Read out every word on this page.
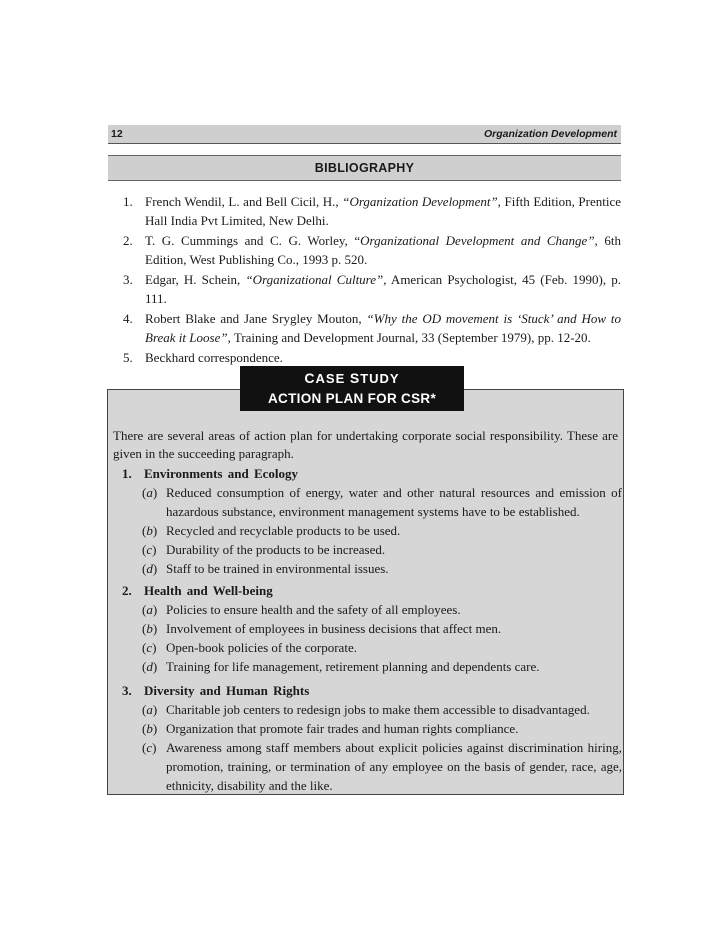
12	Organization Development
BIBLIOGRAPHY
1. French Wendil, L. and Bell Cicil, H., “Organization Development”, Fifth Edition, Prentice Hall India Pvt Limited, New Delhi.
2. T. G. Cummings and C. G. Worley, “Organizational Development and Change”, 6th Edition, West Publishing Co., 1993 p. 520.
3. Edgar, H. Schein, “Organizational Culture”, American Psychologist, 45 (Feb. 1990), p. 111.
4. Robert Blake and Jane Srygley Mouton, “Why the OD movement is ‘Stuck’ and How to Break it Loose”, Training and Development Journal, 33 (September 1979), pp. 12-20.
5. Beckhard correspondence.
CASE STUDY
ACTION PLAN FOR CSR*
There are several areas of action plan for undertaking corporate social responsibility. These are given in the succeeding paragraph.
1. Environments and Ecology
(a) Reduced consumption of energy, water and other natural resources and emission of hazardous substance, environment management systems have to be established.
(b) Recycled and recyclable products to be used.
(c) Durability of the products to be increased.
(d) Staff to be trained in environmental issues.
2. Health and Well-being
(a) Policies to ensure health and the safety of all employees.
(b) Involvement of employees in business decisions that affect men.
(c) Open-book policies of the corporate.
(d) Training for life management, retirement planning and dependents care.
3. Diversity and Human Rights
(a) Charitable job centers to redesign jobs to make them accessible to disadvantaged.
(b) Organization that promote fair trades and human rights compliance.
(c) Awareness among staff members about explicit policies against discrimination hiring, promotion, training, or termination of any employee on the basis of gender, race, age, ethnicity, disability and the like.
